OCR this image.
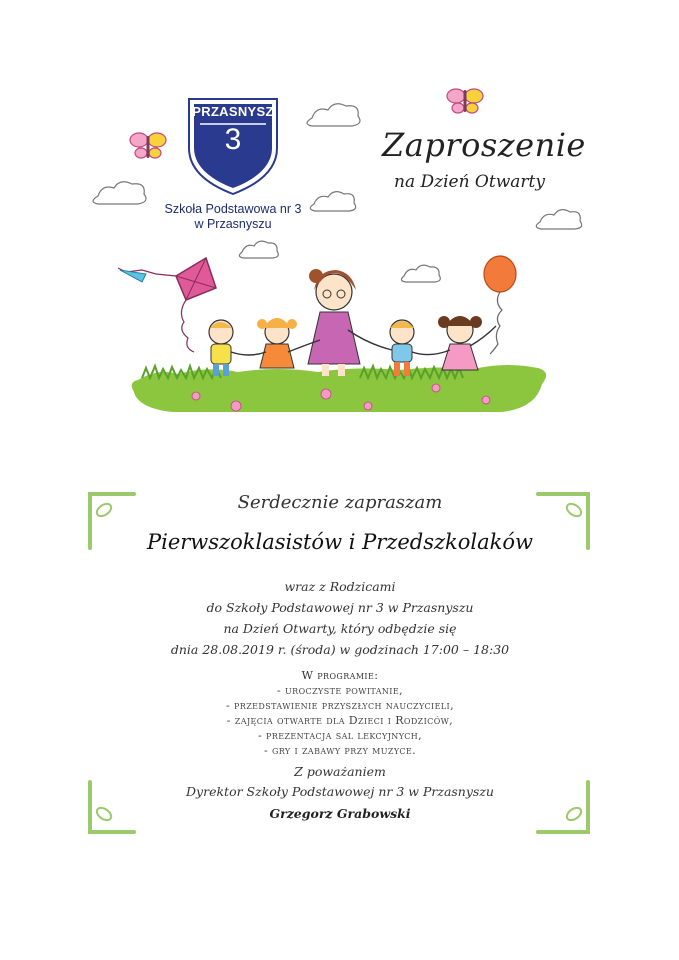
PRZASNYSZ
3
Szkoła Podstawowa nr 3
w Przasnyszu
Zaproszenie
na Dzień Otwarty
Serdecznie zapraszam
Pierwszoklasistów i Przedszkolaków
wraz z Rodzicami
do Szkoły Podstawowej nr 3 w Przasnyszu
na Dzień Otwarty, który odbędzie się
dnia 28.08.2019 r. (środa) w godzinach 17:00 – 18:30
W programie:
- uroczyste powitanie,
- przedstawienie przyszłych nauczycieli,
- zajęcia otwarte dla Dzieci i Rodziców,
- prezentacja sal lekcyjnych,
- gry i zabawy przy muzyce.
Z poważaniem
Dyrektor Szkoły Podstawowej nr 3 w Przasnyszu
Grzegorz Grabowski
